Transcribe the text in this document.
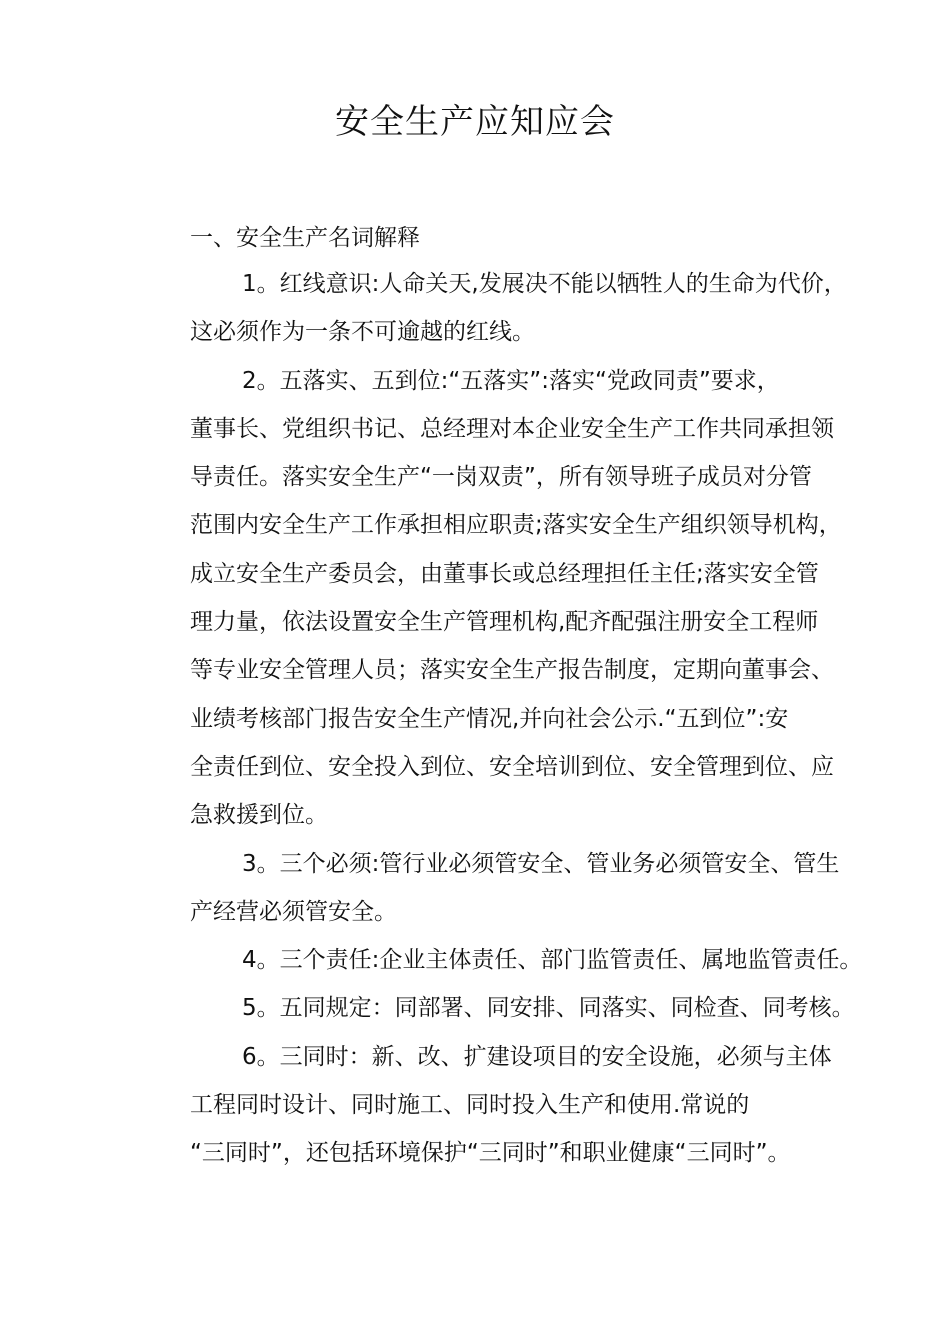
安全生产应知应会
一、安全生产名词解释
1。红线意识:人命关天,发展决不能以牺牲人的生命为代价，
这必须作为一条不可逾越的红线。
2。五落实、五到位:“五落实”:落实“党政同责”要求，
董事长、党组织书记、总经理对本企业安全生产工作共同承担领
导责任。落实安全生产“一岗双责”，所有领导班子成员对分管
范围内安全生产工作承担相应职责;落实安全生产组织领导机构，
成立安全生产委员会，由董事长或总经理担任主任;落实安全管
理力量，依法设置安全生产管理机构,配齐配强注册安全工程师
等专业安全管理人员；落实安全生产报告制度，定期向董事会、
业绩考核部门报告安全生产情况,并向社会公示.“五到位”:安
全责任到位、安全投入到位、安全培训到位、安全管理到位、应
急救援到位。
3。三个必须:管行业必须管安全、管业务必须管安全、管生
产经营必须管安全。
4。三个责任:企业主体责任、部门监管责任、属地监管责任。
5。五同规定：同部署、同安排、同落实、同检查、同考核。
6。三同时：新、改、扩建设项目的安全设施，必须与主体
工程同时设计、同时施工、同时投入生产和使用.常说的
“三同时”，还包括环境保护“三同时”和职业健康“三同时”。
